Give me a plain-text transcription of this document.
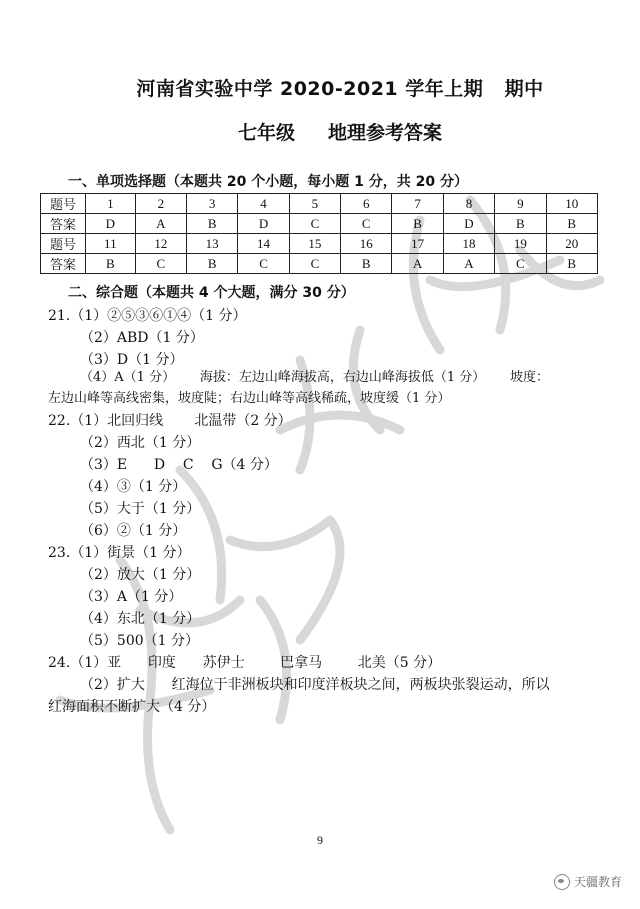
河南省实验中学 2020-2021 学年上期   期中
七年级     地理参考答案
一、单项选择题（本题共 20 个小题，每小题 1 分，共 20 分）
题号	1	2	3	4	5	6	7	8	9	10
答案	D	A	B	D	C	C	B	D	B	B
题号	11	12	13	14	15	16	17	18	19	20
答案	B	C	B	C	C	B	A	A	C	B
二、综合题（本题共 4 个大题，满分 30 分）
21.（1）②⑤③⑥①④（1 分）
（2）ABD（1 分）
（3）D（1 分）
（4）A（1 分）      海拔：左边山峰海拔高，右边山峰海拔低（1 分）      坡度：
左边山峰等高线密集，坡度陡；右边山峰等高线稀疏，坡度缓（1 分）
22.（1）北回归线       北温带（2 分）
（2）西北（1 分）
（3）E      D    C    G（4 分）
（4）③（1 分）
（5）大于（1 分）
（6）②（1 分）
23.（1）街景（1 分）
（2）放大（1 分）
（3）A（1 分）
（4）东北（1 分）
（5）500（1 分）
24.（1）亚      印度      苏伊士        巴拿马        北美（5 分）
（2）扩大      红海位于非洲板块和印度洋板块之间，两板块张裂运动，所以
红海面积不断扩大（4 分）
9
天疆教育
